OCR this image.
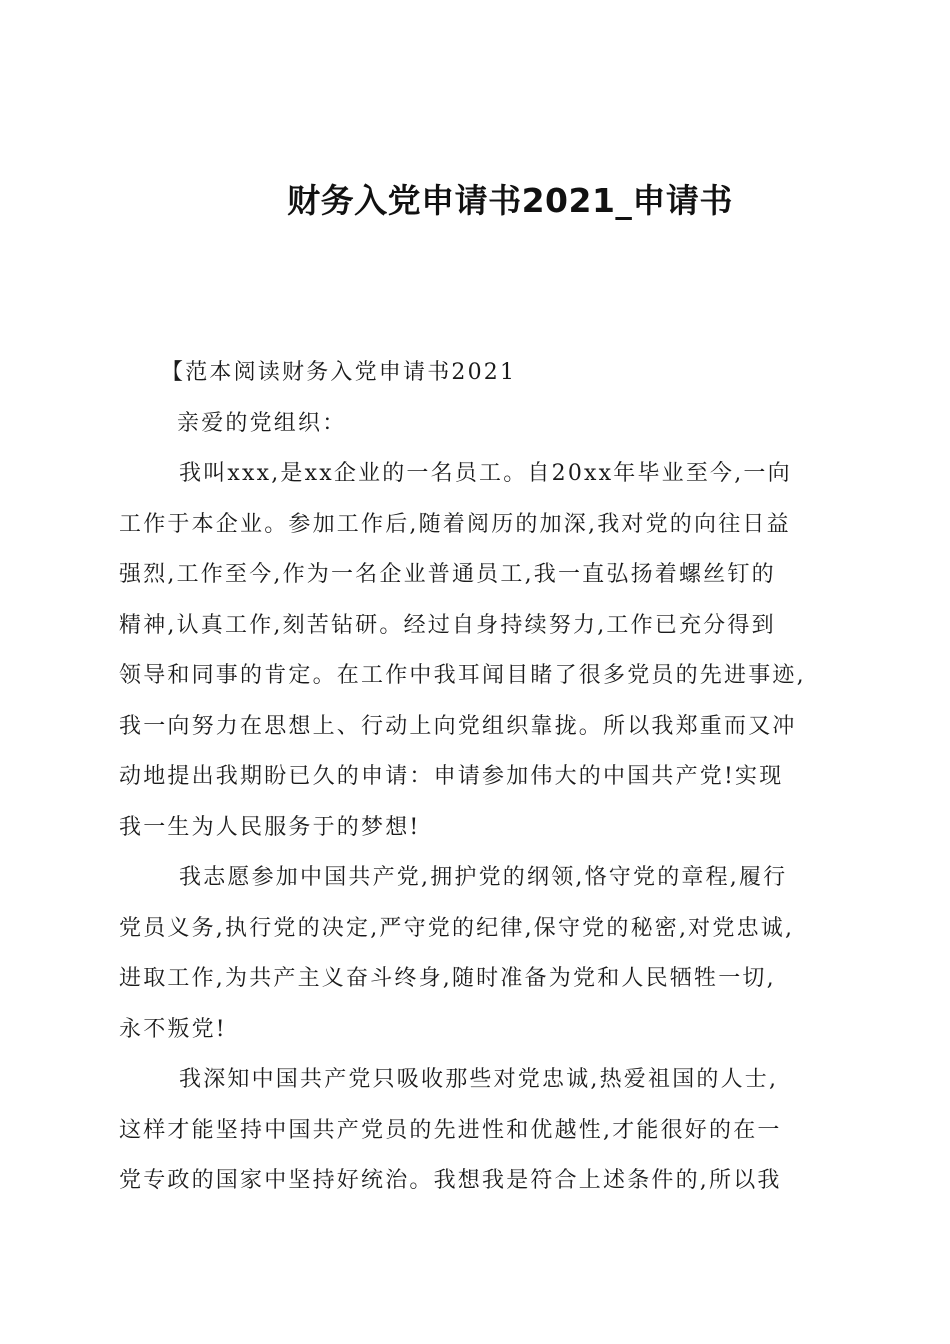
财务入党申请书2021_申请书
【范本阅读财务入党申请书2021
亲爱的党组织：
我叫xxx,是xx企业的一名员工。自20xx年毕业至今,一向
工作于本企业。参加工作后,随着阅历的加深,我对党的向往日益
强烈,工作至今,作为一名企业普通员工,我一直弘扬着螺丝钉的
精神,认真工作,刻苦钻研。经过自身持续努力,工作已充分得到
领导和同事的肯定。在工作中我耳闻目睹了很多党员的先进事迹,
我一向努力在思想上、行动上向党组织靠拢。所以我郑重而又冲
动地提出我期盼已久的申请：申请参加伟大的中国共产党!实现
我一生为人民服务于的梦想!
我志愿参加中国共产党,拥护党的纲领,恪守党的章程,履行
党员义务,执行党的决定,严守党的纪律,保守党的秘密,对党忠诚,
进取工作,为共产主义奋斗终身,随时准备为党和人民牺牲一切,
永不叛党!
我深知中国共产党只吸收那些对党忠诚,热爱祖国的人士,
这样才能坚持中国共产党员的先进性和优越性,才能很好的在一
党专政的国家中坚持好统治。我想我是符合上述条件的,所以我
